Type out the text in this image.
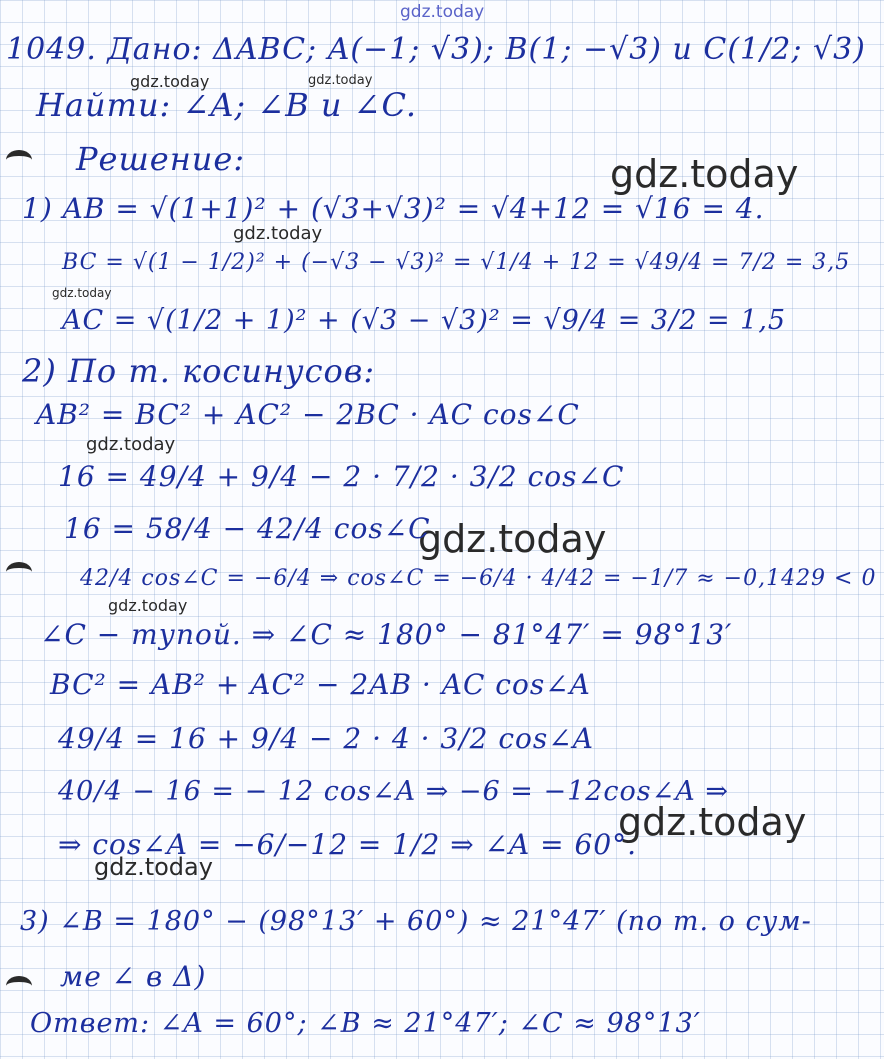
gdz.today
gdz.today	gdz.today
gdz.today
gdz.today
gdz.today
gdz.today
gdz.today
gdz.today
gdz.today
gdz.today
1049. Дано: ΔABC; A(−1; √3); B(1; −√3) и C(1/2; √3)
Найти: ∠A; ∠B и ∠C.
Решение:
1) AB = √(1+1)² + (√3+√3)² = √4+12 = √16 = 4.
BC = √(1 − 1/2)² + (−√3 − √3)² = √1/4 + 12 = √49/4 = 7/2 = 3,5
AC = √(1/2 + 1)² + (√3 − √3)² = √9/4 = 3/2 = 1,5
2) По т. косинусов:
AB² = BC² + AC² − 2BC · AC cos∠C
16 = 49/4 + 9/4 − 2 · 7/2 · 3/2 cos∠C
16 = 58/4 − 42/4 cos∠C
42/4 cos∠C = −6/4 ⇒ cos∠C = −6/4 · 4/42 = −1/7 ≈ −0,1429 < 0
∠C − тупой. ⇒ ∠C ≈ 180° − 81°47′ = 98°13′
BC² = AB² + AC² − 2AB · AC cos∠A
49/4 = 16 + 9/4 − 2 · 4 · 3/2 cos∠A
40/4 − 16 = − 12 cos∠A ⇒ −6 = −12cos∠A ⇒
⇒ cos∠A = −6/−12 = 1/2 ⇒ ∠A = 60°.
3) ∠B = 180° − (98°13′ + 60°) ≈ 21°47′ (по т. о сум-
ме ∠ в Δ)
Ответ: ∠A = 60°; ∠B ≈ 21°47′; ∠C ≈ 98°13′
